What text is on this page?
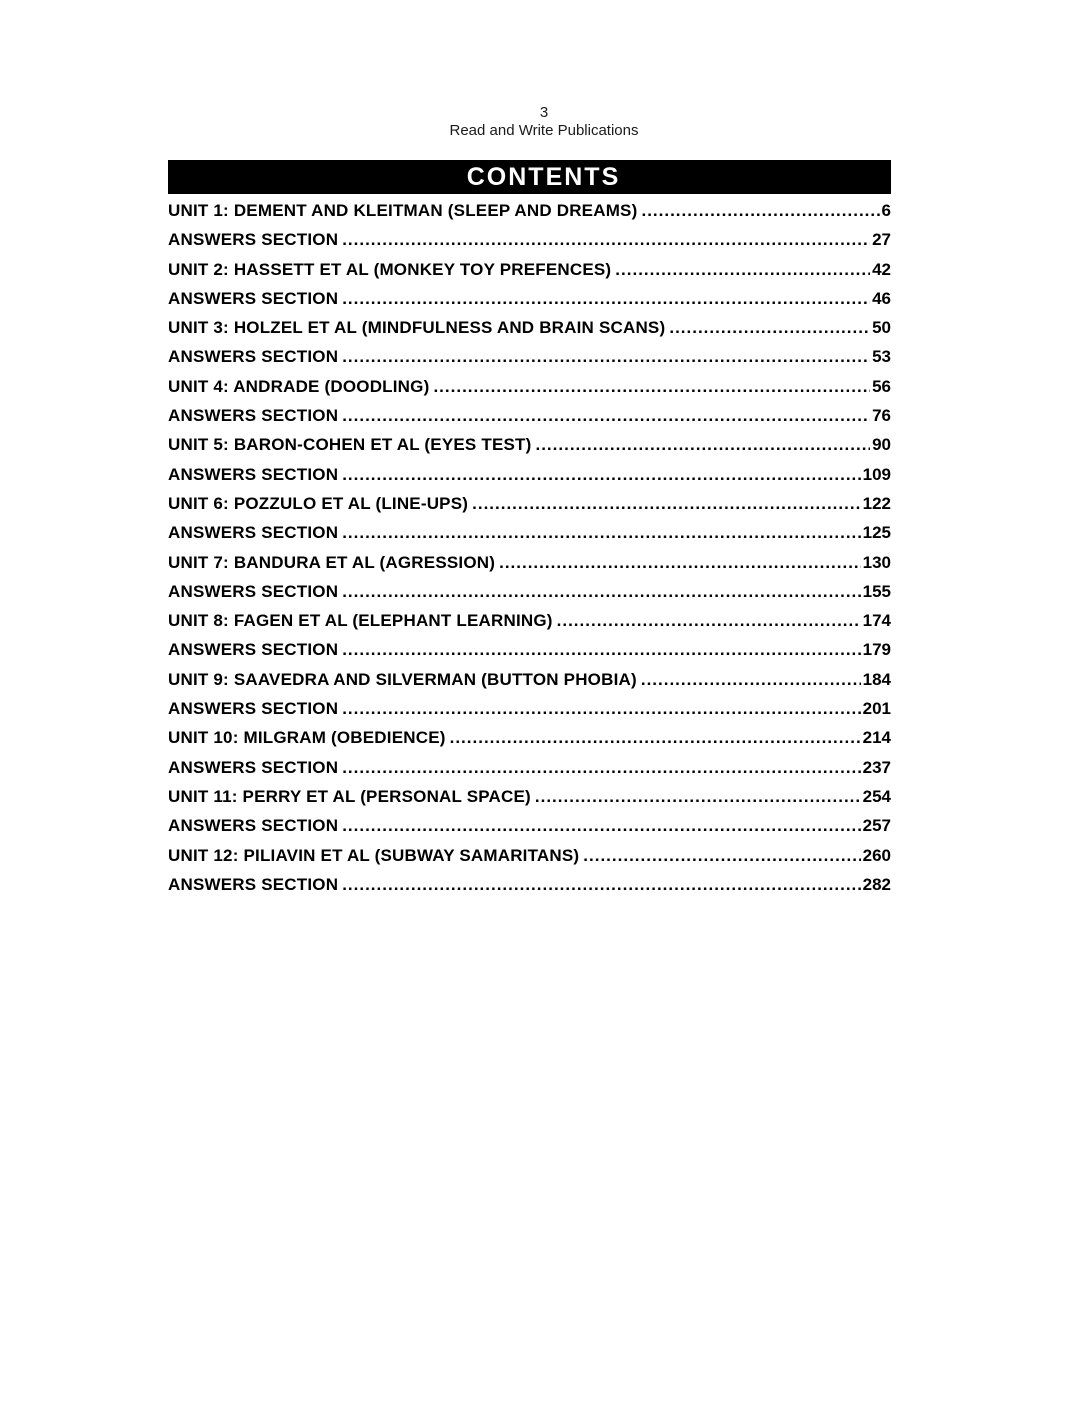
3
Read and Write Publications
CONTENTS
UNIT 1: DEMENT AND KLEITMAN (SLEEP AND DREAMS) .....	6
ANSWERS SECTION .....	27
UNIT 2: HASSETT ET AL (MONKEY TOY PREFENCES) .....	42
ANSWERS SECTION .....	46
UNIT 3: HOLZEL ET AL (MINDFULNESS AND BRAIN SCANS) .....	50
ANSWERS SECTION .....	53
UNIT 4: ANDRADE (DOODLING) .....	56
ANSWERS SECTION .....	76
UNIT 5: BARON-COHEN ET AL (EYES TEST) .....	90
ANSWERS SECTION .....	109
UNIT 6: POZZULO ET AL (LINE-UPS) .....	122
ANSWERS SECTION .....	125
UNIT 7: BANDURA ET AL (AGRESSION) .....	130
ANSWERS SECTION .....	155
UNIT 8: FAGEN ET AL (ELEPHANT LEARNING) .....	174
ANSWERS SECTION .....	179
UNIT 9: SAAVEDRA AND SILVERMAN (BUTTON PHOBIA) .....	184
ANSWERS SECTION .....	201
UNIT 10: MILGRAM (OBEDIENCE) .....	214
ANSWERS SECTION .....	237
UNIT 11: PERRY ET AL (PERSONAL SPACE) .....	254
ANSWERS SECTION .....	257
UNIT 12: PILIAVIN ET AL (SUBWAY SAMARITANS) .....	260
ANSWERS SECTION .....	282
